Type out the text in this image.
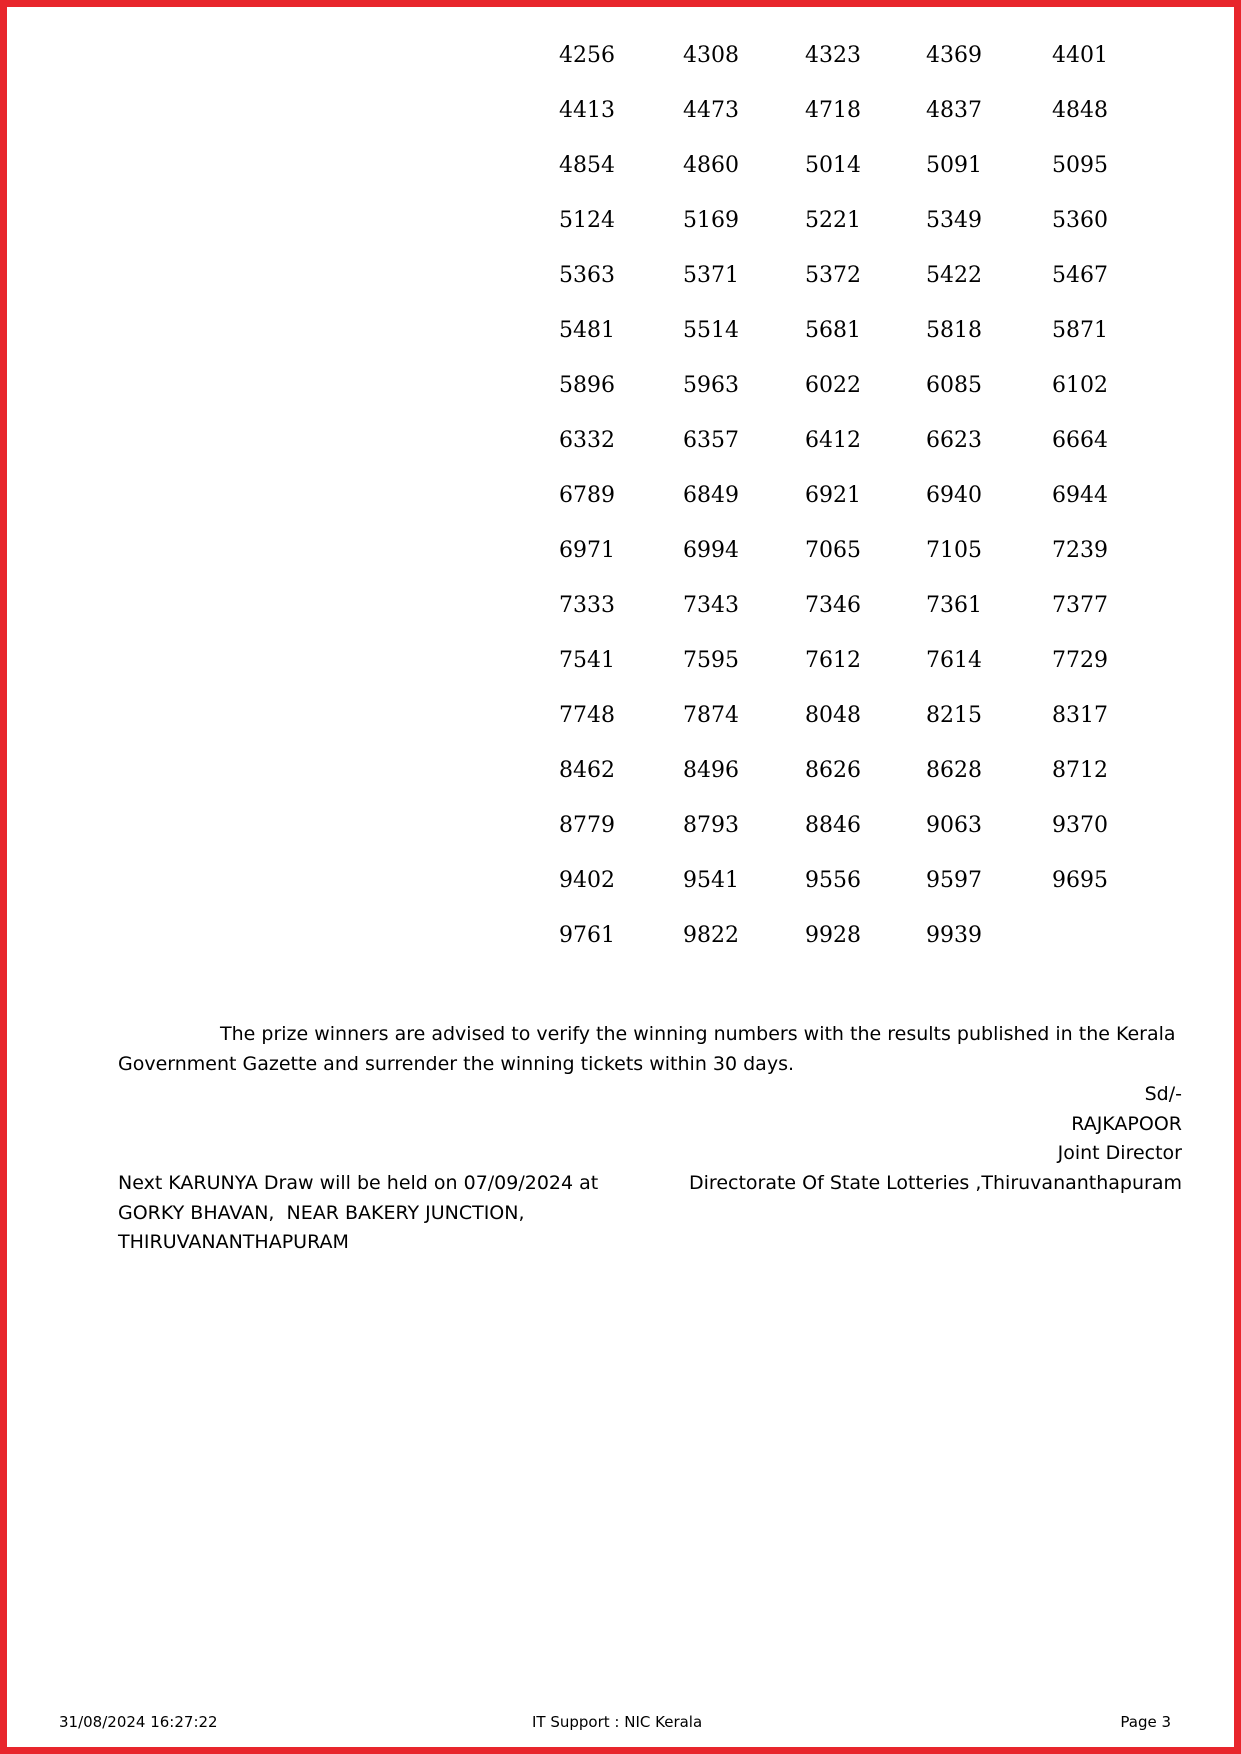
4256	4308	4323	4369	4401
4413	4473	4718	4837	4848
4854	4860	5014	5091	5095
5124	5169	5221	5349	5360
5363	5371	5372	5422	5467
5481	5514	5681	5818	5871
5896	5963	6022	6085	6102
6332	6357	6412	6623	6664
6789	6849	6921	6940	6944
6971	6994	7065	7105	7239
7333	7343	7346	7361	7377
7541	7595	7612	7614	7729
7748	7874	8048	8215	8317
8462	8496	8626	8628	8712
8779	8793	8846	9063	9370
9402	9541	9556	9597	9695
9761	9822	9928	9939

The prize winners are advised to verify the winning numbers with the results published in the Kerala Government Gazette and surrender the winning tickets within 30 days.

Sd/-
RAJKAPOOR
Joint Director
Directorate Of State Lotteries ,Thiruvananthapuram
Next KARUNYA Draw will be held on 07/09/2024 at
GORKY BHAVAN,  NEAR BAKERY JUNCTION,
THIRUVANANTHAPURAM
31/08/2024 16:27:22	IT Support : NIC Kerala	Page 3
